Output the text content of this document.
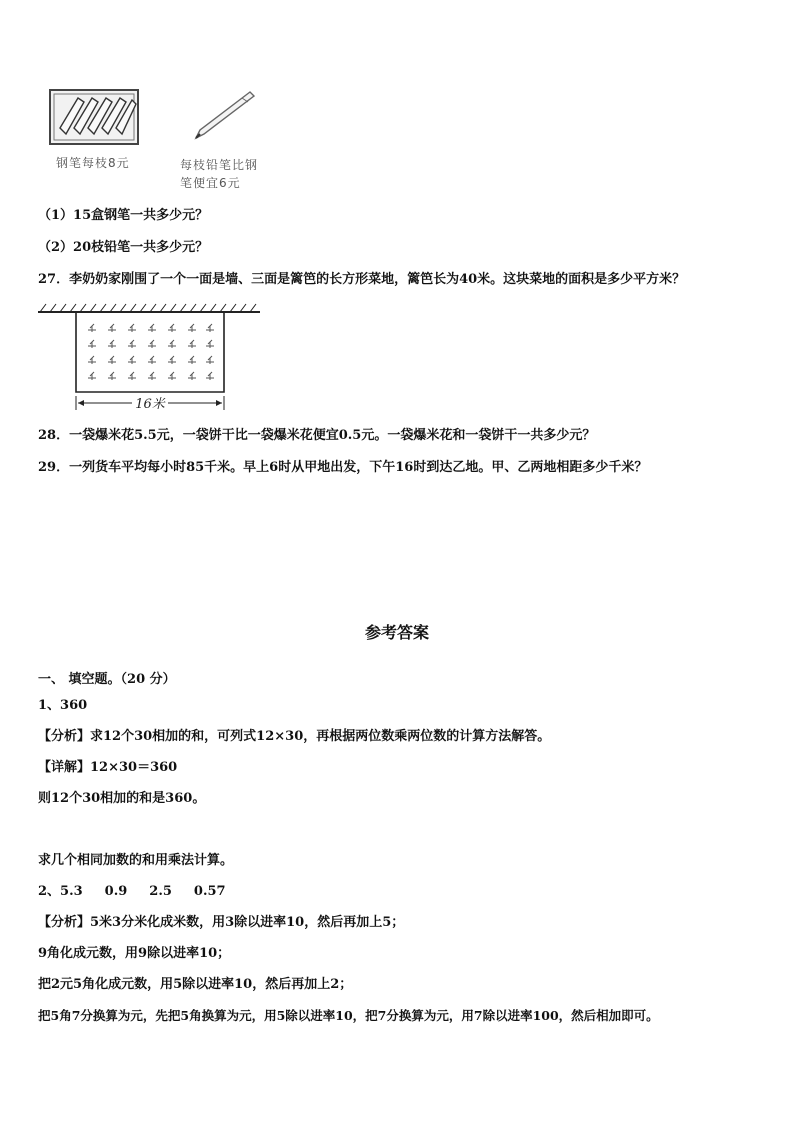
钢笔每枝8元	每枝铅笔比钢
笔便宜6元
（1）15盒钢笔一共多少元？
（2）20枝铅笔一共多少元？
27．李奶奶家刚围了一个一面是墙、三面是篱笆的长方形菜地，篱笆长为40米。这块菜地的面积是多少平方米？
16米
28．一袋爆米花5.5元，一袋饼干比一袋爆米花便宜0.5元。一袋爆米花和一袋饼干一共多少元？
29．一列货车平均每小时85千米。早上6时从甲地出发，下午16时到达乙地。甲、乙两地相距多少千米？
参考答案
一、 填空题。（20 分）
1、360
【分析】求12个30相加的和，可列式12×30，再根据两位数乘两位数的计算方法解答。
【详解】12×30＝360
则12个30相加的和是360。
求几个相同加数的和用乘法计算。
2、5.3 0.9 2.5 0.57
【分析】5米3分米化成米数，用3除以进率10，然后再加上5；
9角化成元数，用9除以进率10；
把2元5角化成元数，用5除以进率10，然后再加上2；
把5角7分换算为元，先把5角换算为元，用5除以进率10，把7分换算为元，用7除以进率100，然后相加即可。
